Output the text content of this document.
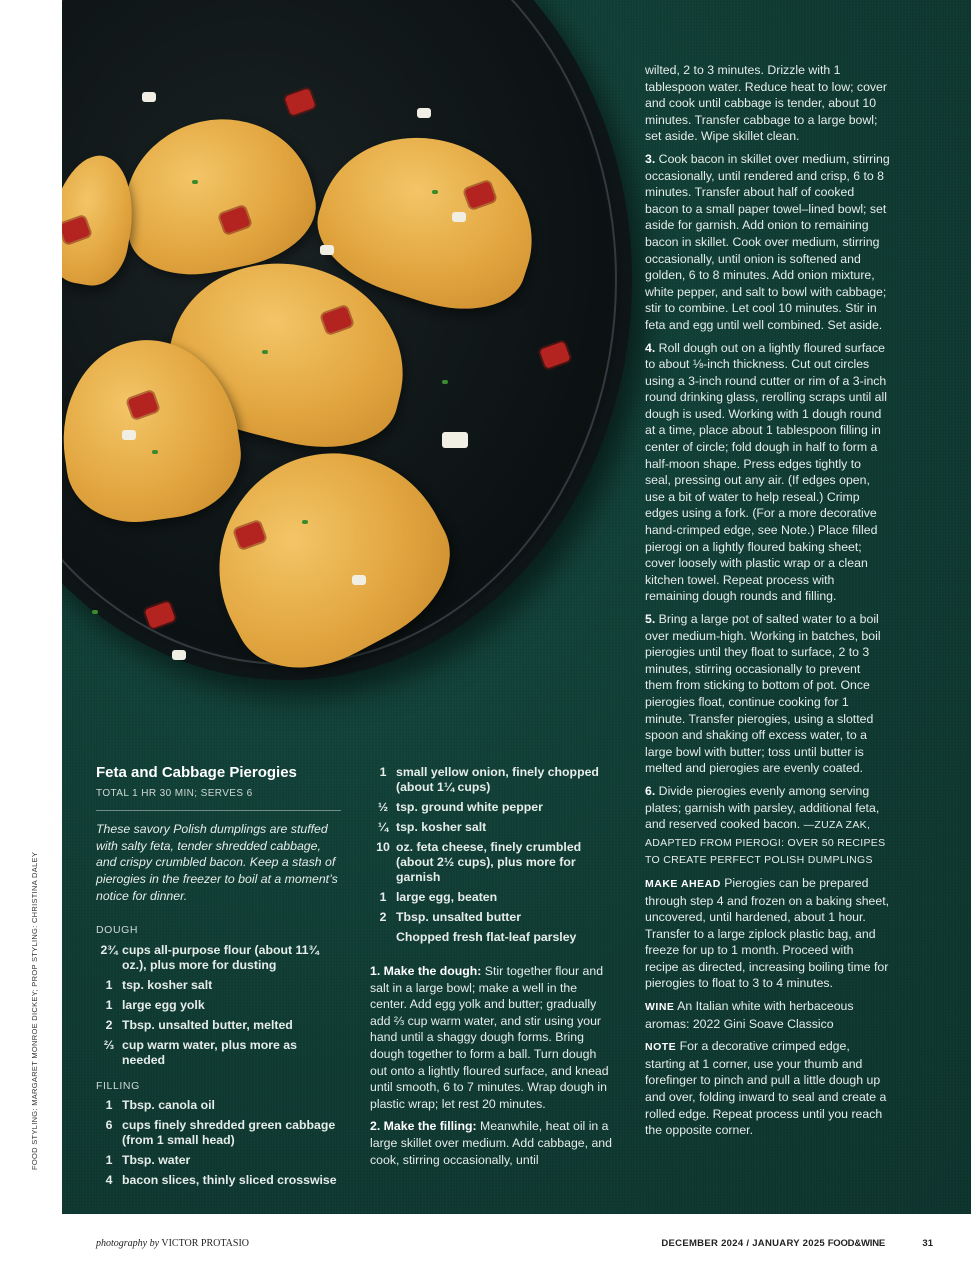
FOOD STYLING: MARGARET MONROE DICKEY; PROP STYLING: CHRISTINA DALEY
Feta and Cabbage Pierogies
TOTAL 1 HR 30 MIN; SERVES 6
These savory Polish dumplings are stuffed with salty feta, tender shredded cabbage, and crispy crumbled bacon. Keep a stash of pierogies in the freezer to boil at a moment’s notice for dinner.
DOUGH
2¾ cups all-purpose flour (about 11¾ oz.), plus more for dusting
1 tsp. kosher salt
1 large egg yolk
2 Tbsp. unsalted butter, melted
⅔ cup warm water, plus more as needed
FILLING
1 Tbsp. canola oil
6 cups finely shredded green cabbage (from 1 small head)
1 Tbsp. water
4 bacon slices, thinly sliced crosswise
1 small yellow onion, finely chopped (about 1¼ cups)
½ tsp. ground white pepper
¼ tsp. kosher salt
10 oz. feta cheese, finely crumbled (about 2½ cups), plus more for garnish
1 large egg, beaten
2 Tbsp. unsalted butter
Chopped fresh flat-leaf parsley

1. Make the dough: Stir together flour and salt in a large bowl; make a well in the center. Add egg yolk and butter; gradually add ⅔ cup warm water, and stir using your hand until a shaggy dough forms. Bring dough together to form a ball. Turn dough out onto a lightly floured surface, and knead until smooth, 6 to 7 minutes. Wrap dough in plastic wrap; let rest 20 minutes.

2. Make the filling: Meanwhile, heat oil in a large skillet over medium. Add cabbage, and cook, stirring occasionally, until

wilted, 2 to 3 minutes. Drizzle with 1 tablespoon water. Reduce heat to low; cover and cook until cabbage is tender, about 10 minutes. Transfer cabbage to a large bowl; set aside. Wipe skillet clean.

3. Cook bacon in skillet over medium, stirring occasionally, until rendered and crisp, 6 to 8 minutes. Transfer about half of cooked bacon to a small paper towel–lined bowl; set aside for garnish. Add onion to remaining bacon in skillet. Cook over medium, stirring occasionally, until onion is softened and golden, 6 to 8 minutes. Add onion mixture, white pepper, and salt to bowl with cabbage; stir to combine. Let cool 10 minutes. Stir in feta and egg until well combined. Set aside.

4. Roll dough out on a lightly floured surface to about ⅛-inch thickness. Cut out circles using a 3-inch round cutter or rim of a 3-inch round drinking glass, rerolling scraps until all dough is used. Working with 1 dough round at a time, place about 1 tablespoon filling in center of circle; fold dough in half to form a half-moon shape. Press edges tightly to seal, pressing out any air. (If edges open, use a bit of water to help reseal.) Crimp edges using a fork. (For a more decorative hand-crimped edge, see Note.) Place filled pierogi on a lightly floured baking sheet; cover loosely with plastic wrap or a clean kitchen towel. Repeat process with remaining dough rounds and filling.

5. Bring a large pot of salted water to a boil over medium-high. Working in batches, boil pierogies until they float to surface, 2 to 3 minutes, stirring occasionally to prevent them from sticking to bottom of pot. Once pierogies float, continue cooking for 1 minute. Transfer pierogies, using a slotted spoon and shaking off excess water, to a large bowl with butter; toss until butter is melted and pierogies are evenly coated.

6. Divide pierogies evenly among serving plates; garnish with parsley, additional feta, and reserved cooked bacon. —ZUZA ZAK, ADAPTED FROM PIEROGI: OVER 50 RECIPES TO CREATE PERFECT POLISH DUMPLINGS

MAKE AHEAD Pierogies can be prepared through step 4 and frozen on a baking sheet, uncovered, until hardened, about 1 hour. Transfer to a large ziplock plastic bag, and freeze for up to 1 month. Proceed with recipe as directed, increasing boiling time for pierogies to float to 3 to 4 minutes.

WINE An Italian white with herbaceous aromas: 2022 Gini Soave Classico

NOTE For a decorative crimped edge, starting at 1 corner, use your thumb and forefinger to pinch and pull a little dough up and over, folding inward to seal and create a rolled edge. Repeat process until you reach the opposite corner.

photography by VICTOR PROTASIO	DECEMBER 2024 / JANUARY 2025 FOOD&WINE	31
